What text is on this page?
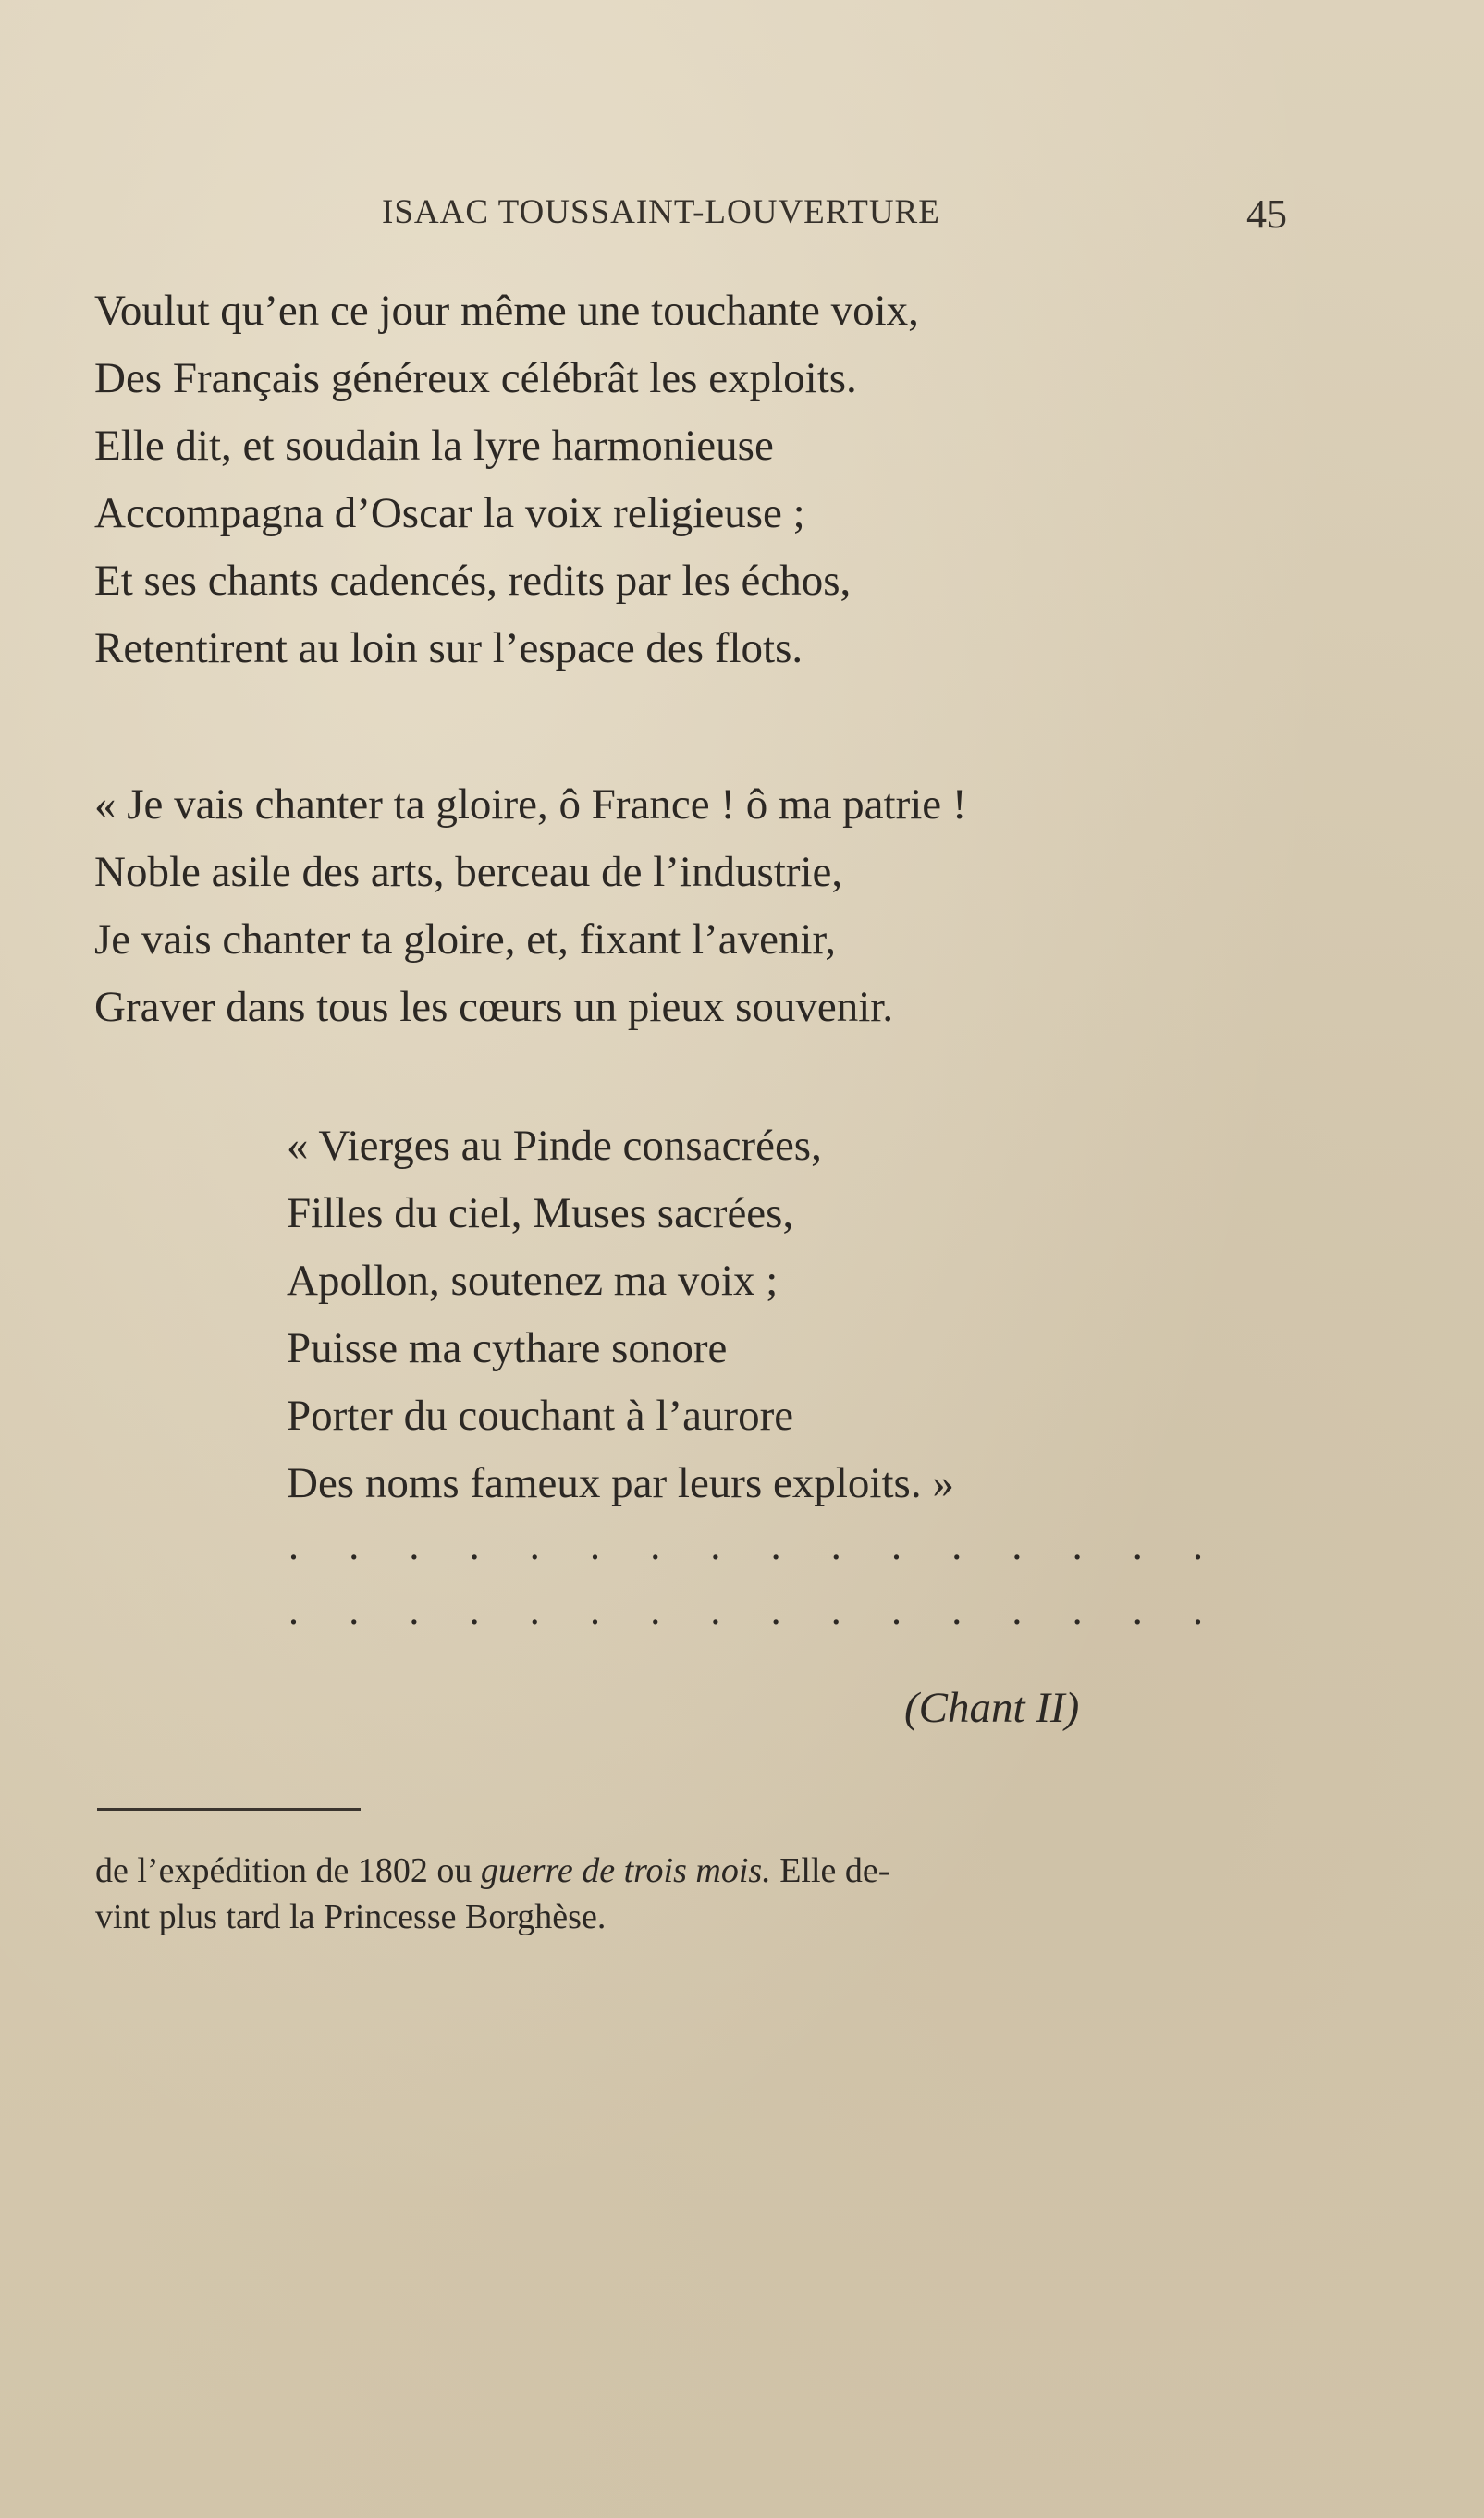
ISAAC TOUSSAINT-LOUVERTURE	45
Voulut qu’en ce jour même une touchante voix,
Des Français généreux célébrât les exploits.
Elle dit, et soudain la lyre harmonieuse
Accompagna d’Oscar la voix religieuse ;
Et ses chants cadencés, redits par les échos,
Retentirent au loin sur l’espace des flots.
« Je vais chanter ta gloire, ô France ! ô ma patrie !
Noble asile des arts, berceau de l’industrie,
Je vais chanter ta gloire, et, fixant l’avenir,
Graver dans tous les cœurs un pieux souvenir.
« Vierges au Pinde consacrées,
Filles du ciel, Muses sacrées,
Apollon, soutenez ma voix ;
Puisse ma cythare sonore
Porter du couchant à l’aurore
Des noms fameux par leurs exploits. »
. . . . . . . . . . . . . . . .
. . . . . . . . . . . . . . . .
(Chant II)
de l’expédition de 1802 ou guerre de trois mois. Elle de-
vint plus tard la Princesse Borghèse.
